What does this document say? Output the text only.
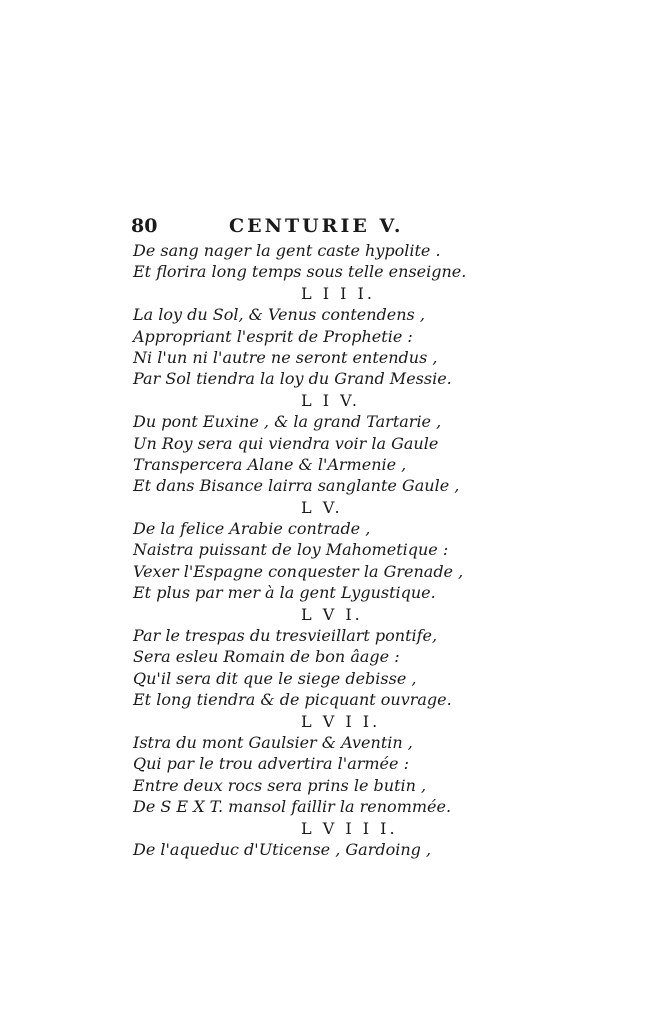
80	CENTURIE V.
De sang nager la gent caste hypolite .
Et florira long temps sous telle enseigne.
L I I I.
La loy du Sol, & Venus contendens ,
Appropriant l'esprit de Prophetie :
Ni l'un ni l'autre ne seront entendus ,
Par Sol tiendra la loy du Grand Messie.
L I V.
Du pont Euxine , & la grand Tartarie ,
Un Roy sera qui viendra voir la Gaule
Transpercera Alane & l'Armenie ,
Et dans Bisance lairra sanglante Gaule ,
L V.
De la felice Arabie contrade ,
Naistra puissant de loy Mahometique :
Vexer l'Espagne conquester la Grenade ,
Et plus par mer à la gent Lygustique.
L V I.
Par le trespas du tresvieillart pontife,
Sera esleu Romain de bon âage :
Qu'il sera dit que le siege debisse ,
Et long tiendra & de picquant ouvrage.
L V I I.
Istra du mont Gaulsier & Aventin ,
Qui par le trou advertira l'armée :
Entre deux rocs sera prins le butin ,
De S E X T. mansol faillir la renommée.
L V I I I.
De l'aqueduc d'Uticense , Gardoing ,
